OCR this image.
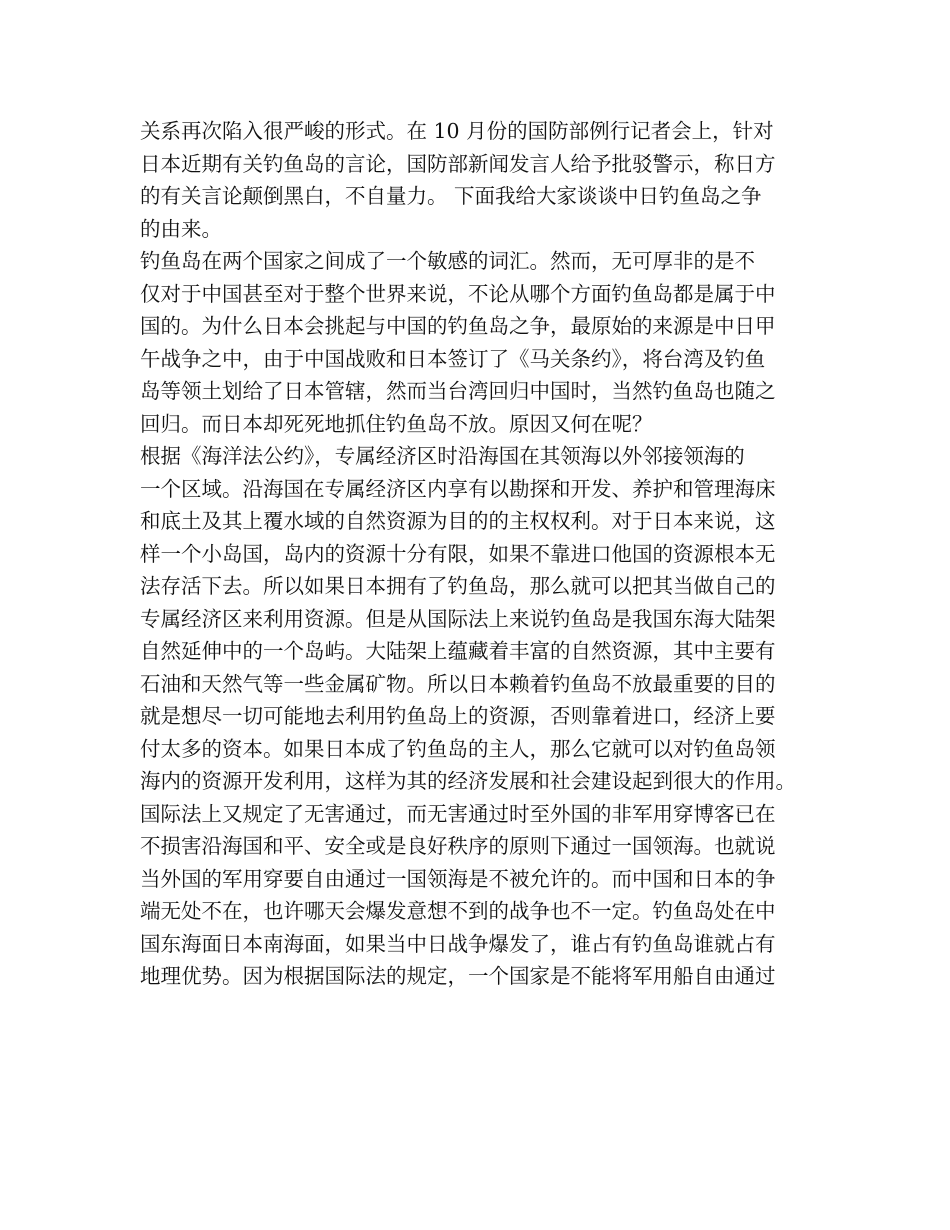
关系再次陷入很严峻的形式。在 10 月份的国防部例行记者会上，针对
日本近期有关钓鱼岛的言论，国防部新闻发言人给予批驳警示，称日方
的有关言论颠倒黑白，不自量力。 下面我给大家谈谈中日钓鱼岛之争
的由来。
钓鱼岛在两个国家之间成了一个敏感的词汇。然而，无可厚非的是不
仅对于中国甚至对于整个世界来说，不论从哪个方面钓鱼岛都是属于中
国的。为什么日本会挑起与中国的钓鱼岛之争，最原始的来源是中日甲
午战争之中，由于中国战败和日本签订了《马关条约》，将台湾及钓鱼
岛等领土划给了日本管辖，然而当台湾回归中国时，当然钓鱼岛也随之
回归。而日本却死死地抓住钓鱼岛不放。原因又何在呢？
根据《海洋法公约》，专属经济区时沿海国在其领海以外邻接领海的
一个区域。沿海国在专属经济区内享有以勘探和开发、养护和管理海床
和底土及其上覆水域的自然资源为目的的主权权利。对于日本来说，这
样一个小岛国，岛内的资源十分有限，如果不靠进口他国的资源根本无
法存活下去。所以如果日本拥有了钓鱼岛，那么就可以把其当做自己的
专属经济区来利用资源。但是从国际法上来说钓鱼岛是我国东海大陆架
自然延伸中的一个岛屿。大陆架上蕴藏着丰富的自然资源，其中主要有
石油和天然气等一些金属矿物。所以日本赖着钓鱼岛不放最重要的目的
就是想尽一切可能地去利用钓鱼岛上的资源，否则靠着进口，经济上要
付太多的资本。如果日本成了钓鱼岛的主人，那么它就可以对钓鱼岛领
海内的资源开发利用，这样为其的经济发展和社会建设起到很大的作用。
国际法上又规定了无害通过，而无害通过时至外国的非军用穿博客已在
不损害沿海国和平、安全或是良好秩序的原则下通过一国领海。也就说
当外国的军用穿要自由通过一国领海是不被允许的。而中国和日本的争
端无处不在，也许哪天会爆发意想不到的战争也不一定。钓鱼岛处在中
国东海面日本南海面，如果当中日战争爆发了，谁占有钓鱼岛谁就占有
地理优势。因为根据国际法的规定，一个国家是不能将军用船自由通过
